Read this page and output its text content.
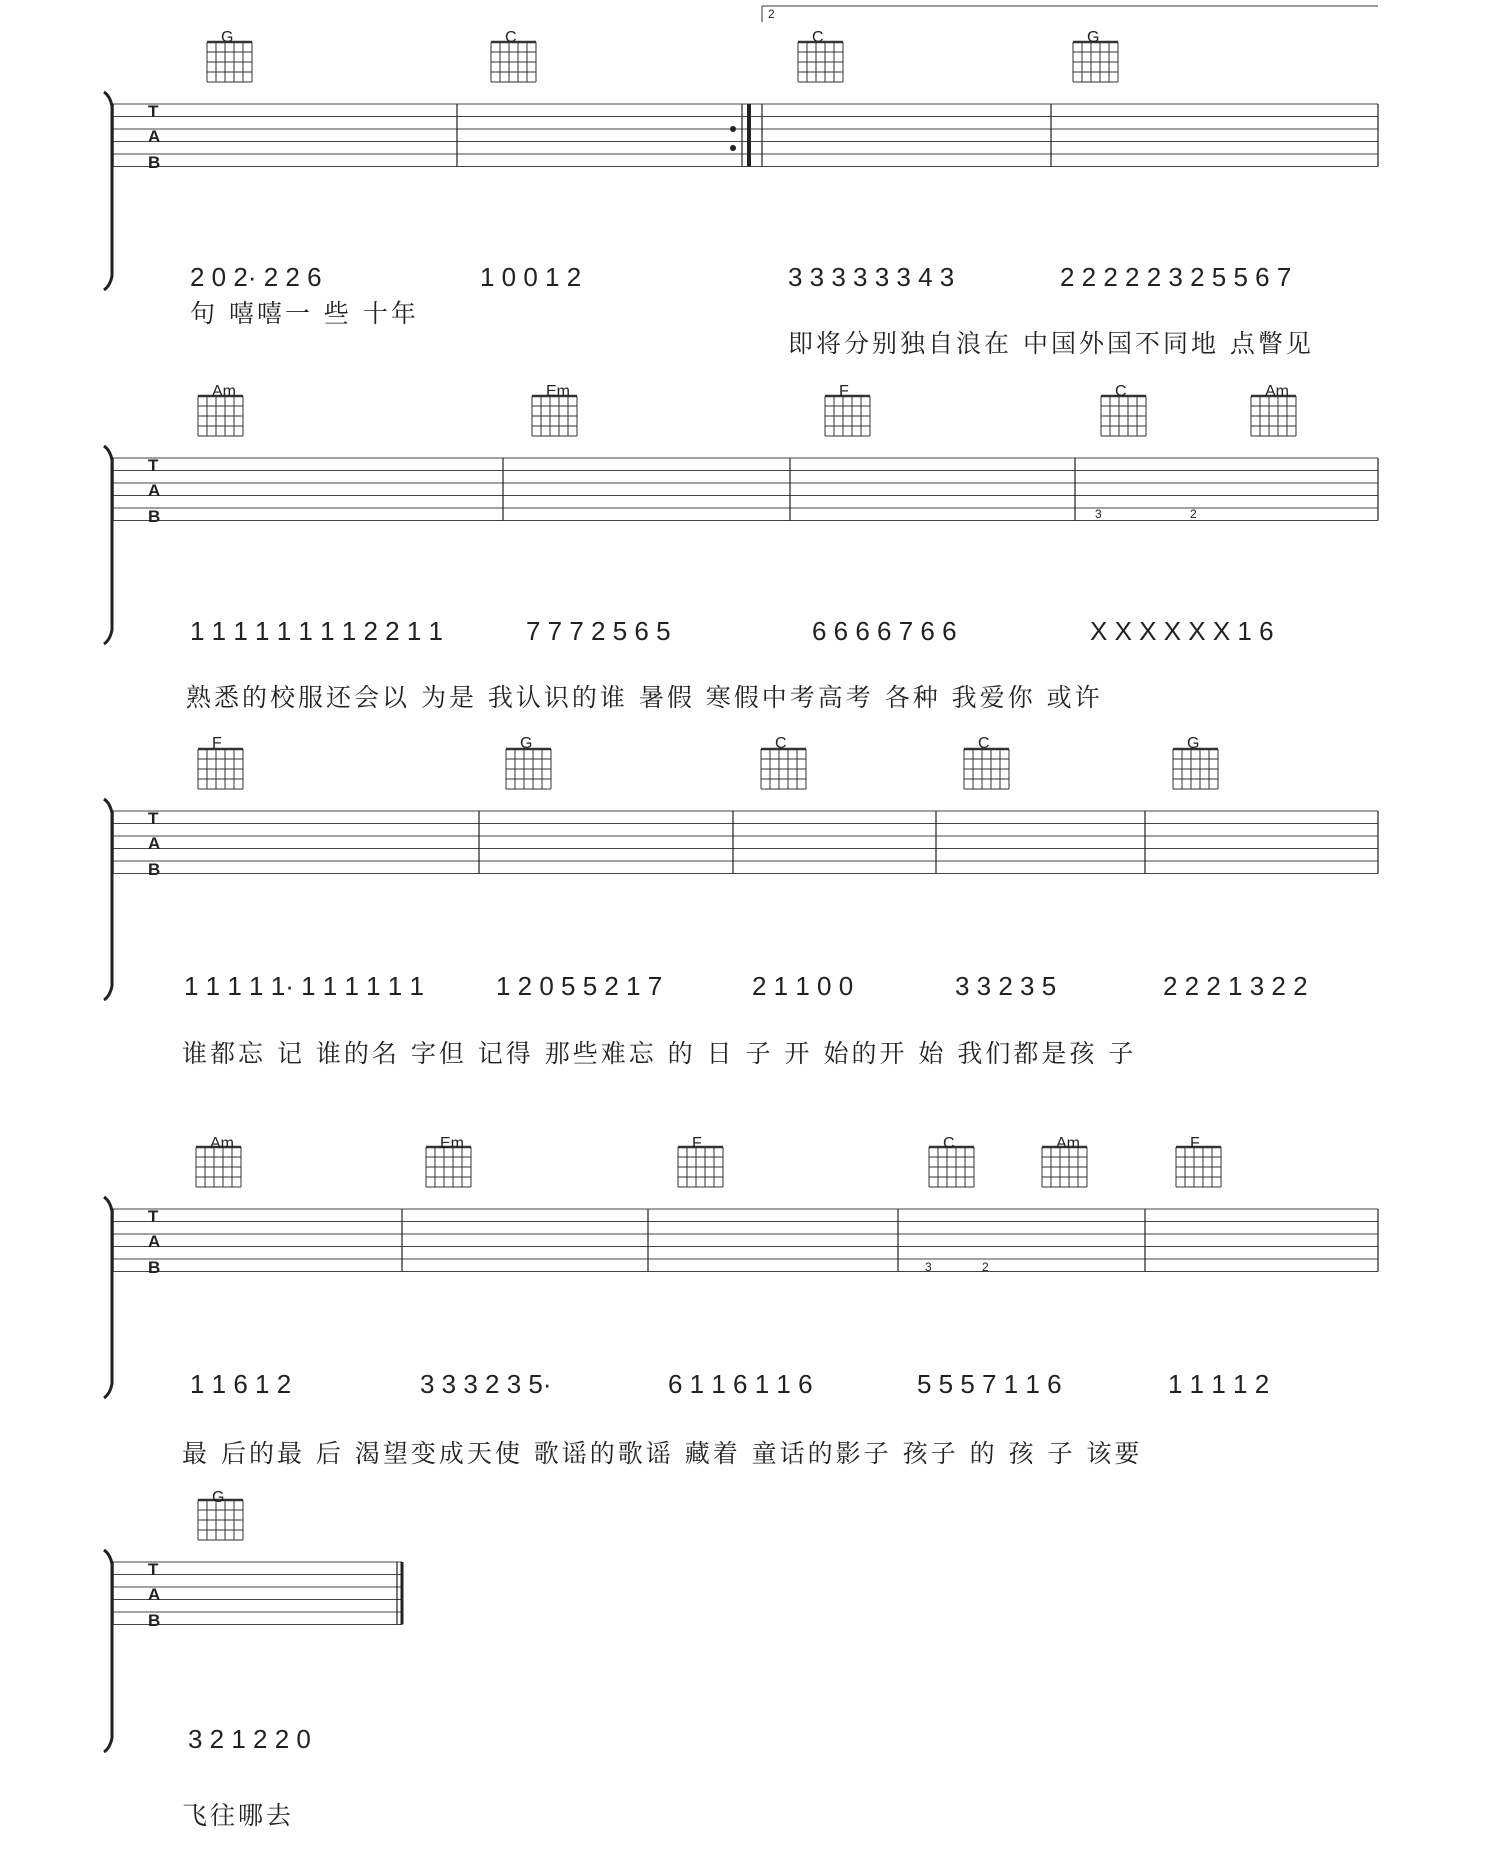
2
G	C	C	G
Am	Em	F	C	Am
F	G	C	C	G
Am	Em	F	C	Am	F
G
T
A
B
T
A
B
T
A
B
T
A
B
T
A
B
3	2
3	2
2 0 2· 2 2 6	1 0 0 1 2	3 3 3 3 3 3 4 3	2 2 2 2 2 3 2 5 5 6 7
1 1 1 1 1 1 1 1 2 2 1 1	7 7 7 2 5 6 5	6 6 6 6 7 6 6	X X X X X X 1 6
1 1 1 1 1· 1 1 1 1 1 1	1 2 0 5 5 2 1 7	2 1 1 0 0	3 3 2 3 5	2 2 2 1 3 2 2
1 1 6 1 2	3 3 3 2 3 5·	6 1 1 6 1 1 6	5 5 5 7 1 1 6	1 1 1 1 2
3 2 1 2 2 0
句 嘻嘻一 些 十年
即将分别独自浪在 中国外国不同地 点瞥见
熟悉的校服还会以 为是 我认识的谁 暑假 寒假中考高考 各种 我爱你 或许
谁都忘 记 谁的名 字但 记得 那些难忘 的 日 子 开 始的开 始 我们都是孩 子
最 后的最 后 渴望变成天使 歌谣的歌谣 藏着 童话的影子 孩子 的 孩 子 该要
飞往哪去
